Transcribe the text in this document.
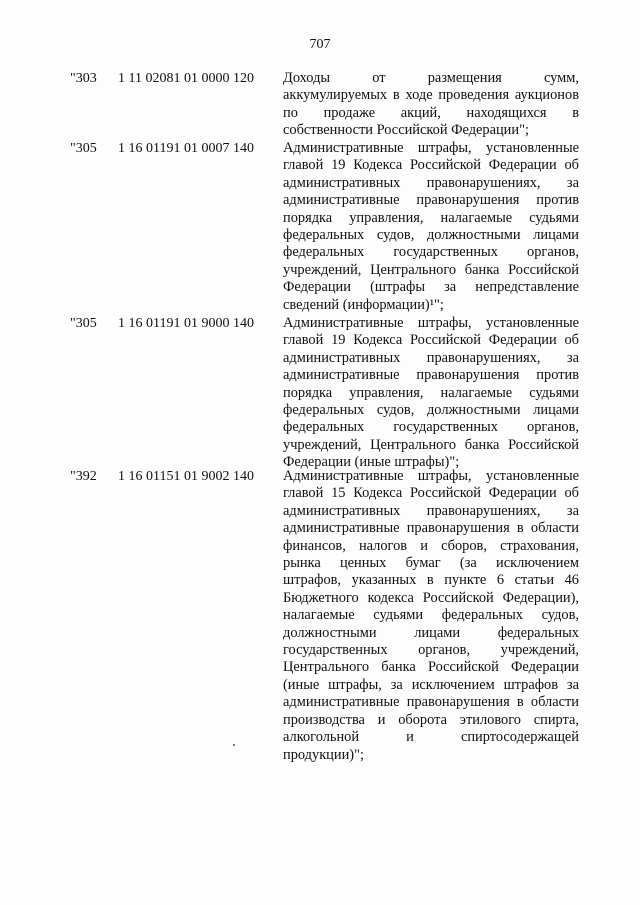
707
"303 1 11 02081 01 0000 120 Доходы от размещения сумм,
аккумулируемых в ходе проведения аукционов
по продаже акций, находящихся в
собственности Российской Федерации";
"305 1 16 01191 01 0007 140 Административные штрафы, установленные
главой 19 Кодекса Российской Федерации об
административных правонарушениях, за
административные правонарушения против
порядка управления, налагаемые судьями
федеральных судов, должностными лицами
федеральных государственных органов,
учреждений, Центрального банка Российской
Федерации (штрафы за непредставление
сведений (информации)¹";
"305 1 16 01191 01 9000 140 Административные штрафы, установленные
главой 19 Кодекса Российской Федерации об
административных правонарушениях, за
административные правонарушения против
порядка управления, налагаемые судьями
федеральных судов, должностными лицами
федеральных государственных органов,
учреждений, Центрального банка Российской
Федерации (иные штрафы)";
"392 1 16 01151 01 9002 140 Административные штрафы, установленные
главой 15 Кодекса Российской Федерации об
административных правонарушениях, за
административные правонарушения в области
финансов, налогов и сборов, страхования,
рынка ценных бумаг (за исключением
штрафов, указанных в пункте 6 статьи 46
Бюджетного кодекса Российской Федерации),
налагаемые судьями федеральных судов,
должностными лицами федеральных
государственных органов, учреждений,
Центрального банка Российской Федерации
(иные штрафы, за исключением штрафов за
административные правонарушения в области
производства и оборота этилового спирта,
алкогольной и спиртосодержащей
продукции)";
